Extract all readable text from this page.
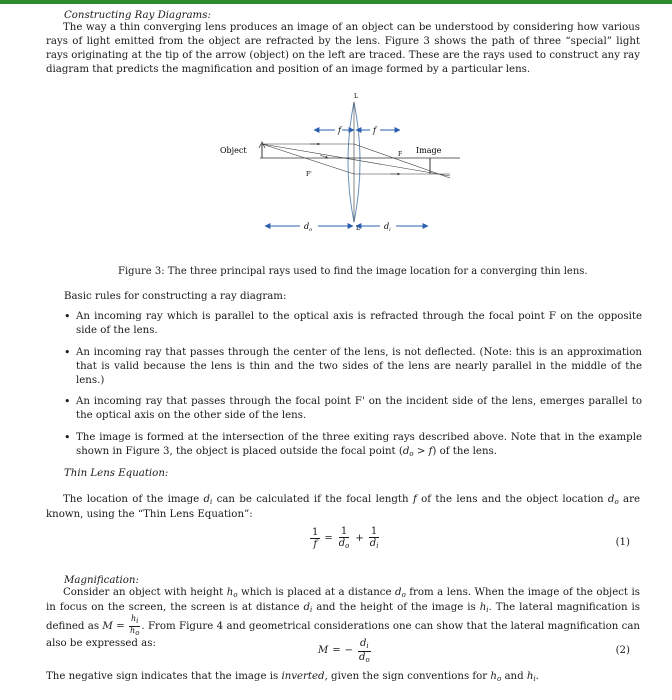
Constructing Ray Diagrams:
The way a thin converging lens produces an image of an object can be understood by considering how various rays of light emitted from the object are refracted by the lens. Figure 3 shows the path of three “special” light rays originating at the tip of the arrow (object) on the left are traced. These are the rays used to construct any ray diagram that predicts the magnification and position of an image formed by a particular lens.
L
L'
Object	Image
F
F'
f	f
$d_o$	$d_i$
Figure 3: The three principal rays used to find the image location for a converging thin lens.
Basic rules for constructing a ray diagram:
• An incoming ray which is parallel to the optical axis is refracted through the focal point F on the opposite side of the lens.
• An incoming ray that passes through the center of the lens, is not deflected. (Note: this is an approximation that is valid because the lens is thin and the two sides of the lens are nearly parallel in the middle of the lens.)
• An incoming ray that passes through the focal point F' on the incident side of the lens, emerges parallel to the optical axis on the other side of the lens.
• The image is formed at the intersection of the three exiting rays described above. Note that in the example shown in Figure 3, the object is placed outside the focal point $(d_o > f)$ of the lens.
Thin Lens Equation:
The location of the image $d_i$ can be calculated if the focal length f of the lens and the object location $d_o$ are known, using the “Thin Lens Equation”:
$\frac{1}{f} = \frac{1}{d_o} + \frac{1}{d_i}$	(1)
Magnification:
Consider an object with height $h_o$ which is placed at a distance $d_o$ from a lens. When the image of the object is in focus on the screen, the screen is at distance $d_i$ and the height of the image is $h_i$. The lateral magnification is defined as $M = \frac{h_i}{h_o}$ . From Figure 4 and geometrical considerations one can show that the lateral magnification can also be expressed as:
M = − $\frac{d_i}{d_o}$	(2)
The negative sign indicates that the image is inverted, given the sign conventions for $h_o$ and $h_i$.
